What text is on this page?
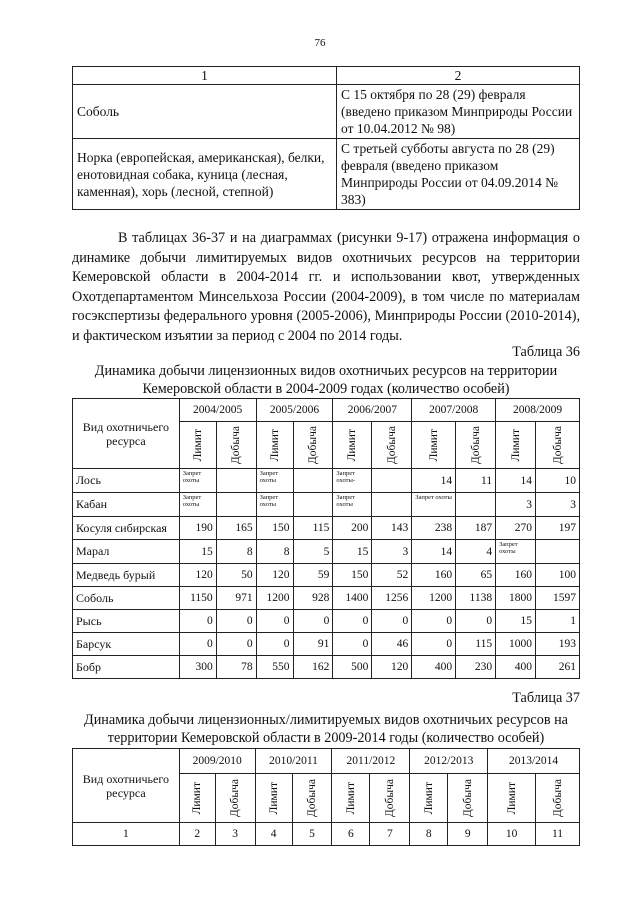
76
1	2
Соболь	С 15 октября по 28 (29) февраля (введено приказом Минприроды России от 10.04.2012 № 98)
Норка (европейская, американская), белки, енотовидная собака, куница (лесная, каменная), хорь (лесной, степной)	С третьей субботы августа по 28 (29) февраля (введено приказом Минприроды России от 04.09.2014 № 383)

В таблицах 36-37 и на диаграммах (рисунки 9-17) отражена информация о динамике добычи лимитируемых видов охотничьих ресурсов на территории Кемеровской области в 2004-2014 гг. и использовании квот, утвержденных Охотдепартаментом Минсельхоза России (2004-2009), в том числе по материалам госэкспертизы федерального уровня (2005-2006), Минприроды России (2010-2014), и фактическом изъятии за период с 2004 по 2014 годы.

Таблица 36
Динамика добычи лицензионных видов охотничьих ресурсов на территории Кемеровской области в 2004-2009 годах (количество особей)
Вид охотничьего ресурса	2004/2005		2005/2006		2006/2007		2007/2008		2008/2009	

	Лимит	Добыча	Лимит	Добыча	Лимит	Добыча	Лимит	Добыча	Лимит	Добыча

Лось	Запрет охоты		Запрет охоты		Запрет охоты-		14	11	14	10
Кабан	Запрет охоты		Запрет охоты		Запрет охоты		Запрет охоты		3	3
Косуля сибирская	190	165	150	115	200	143	238	187	270	197
Марал	15	8	8	5	15	3	14	4	Запрет охоты	
Медведь бурый	120	50	120	59	150	52	160	65	160	100
Соболь	1150	971	1200	928	1400	1256	1200	1138	1800	1597
Рысь	0	0	0	0	0	0	0	0	15	1
Барсук	0	0	0	91	0	46	0	115	1000	193
Бобр	300	78	550	162	500	120	400	230	400	261
Таблица 37
Динамика добычи лицензионных/лимитируемых видов охотничьих ресурсов на территории Кемеровской области в 2009-2014 годы (количество особей)
Вид охотничьего ресурса	2009/2010		2010/2011		2011/2012		2012/2013		2013/2014	

	Лимит	Добыча	Лимит	Добыча	Лимит	Добыча	Лимит	Добыча	Лимит	Добыча

1	2	3	4	5	6	7	8	9	10	11
